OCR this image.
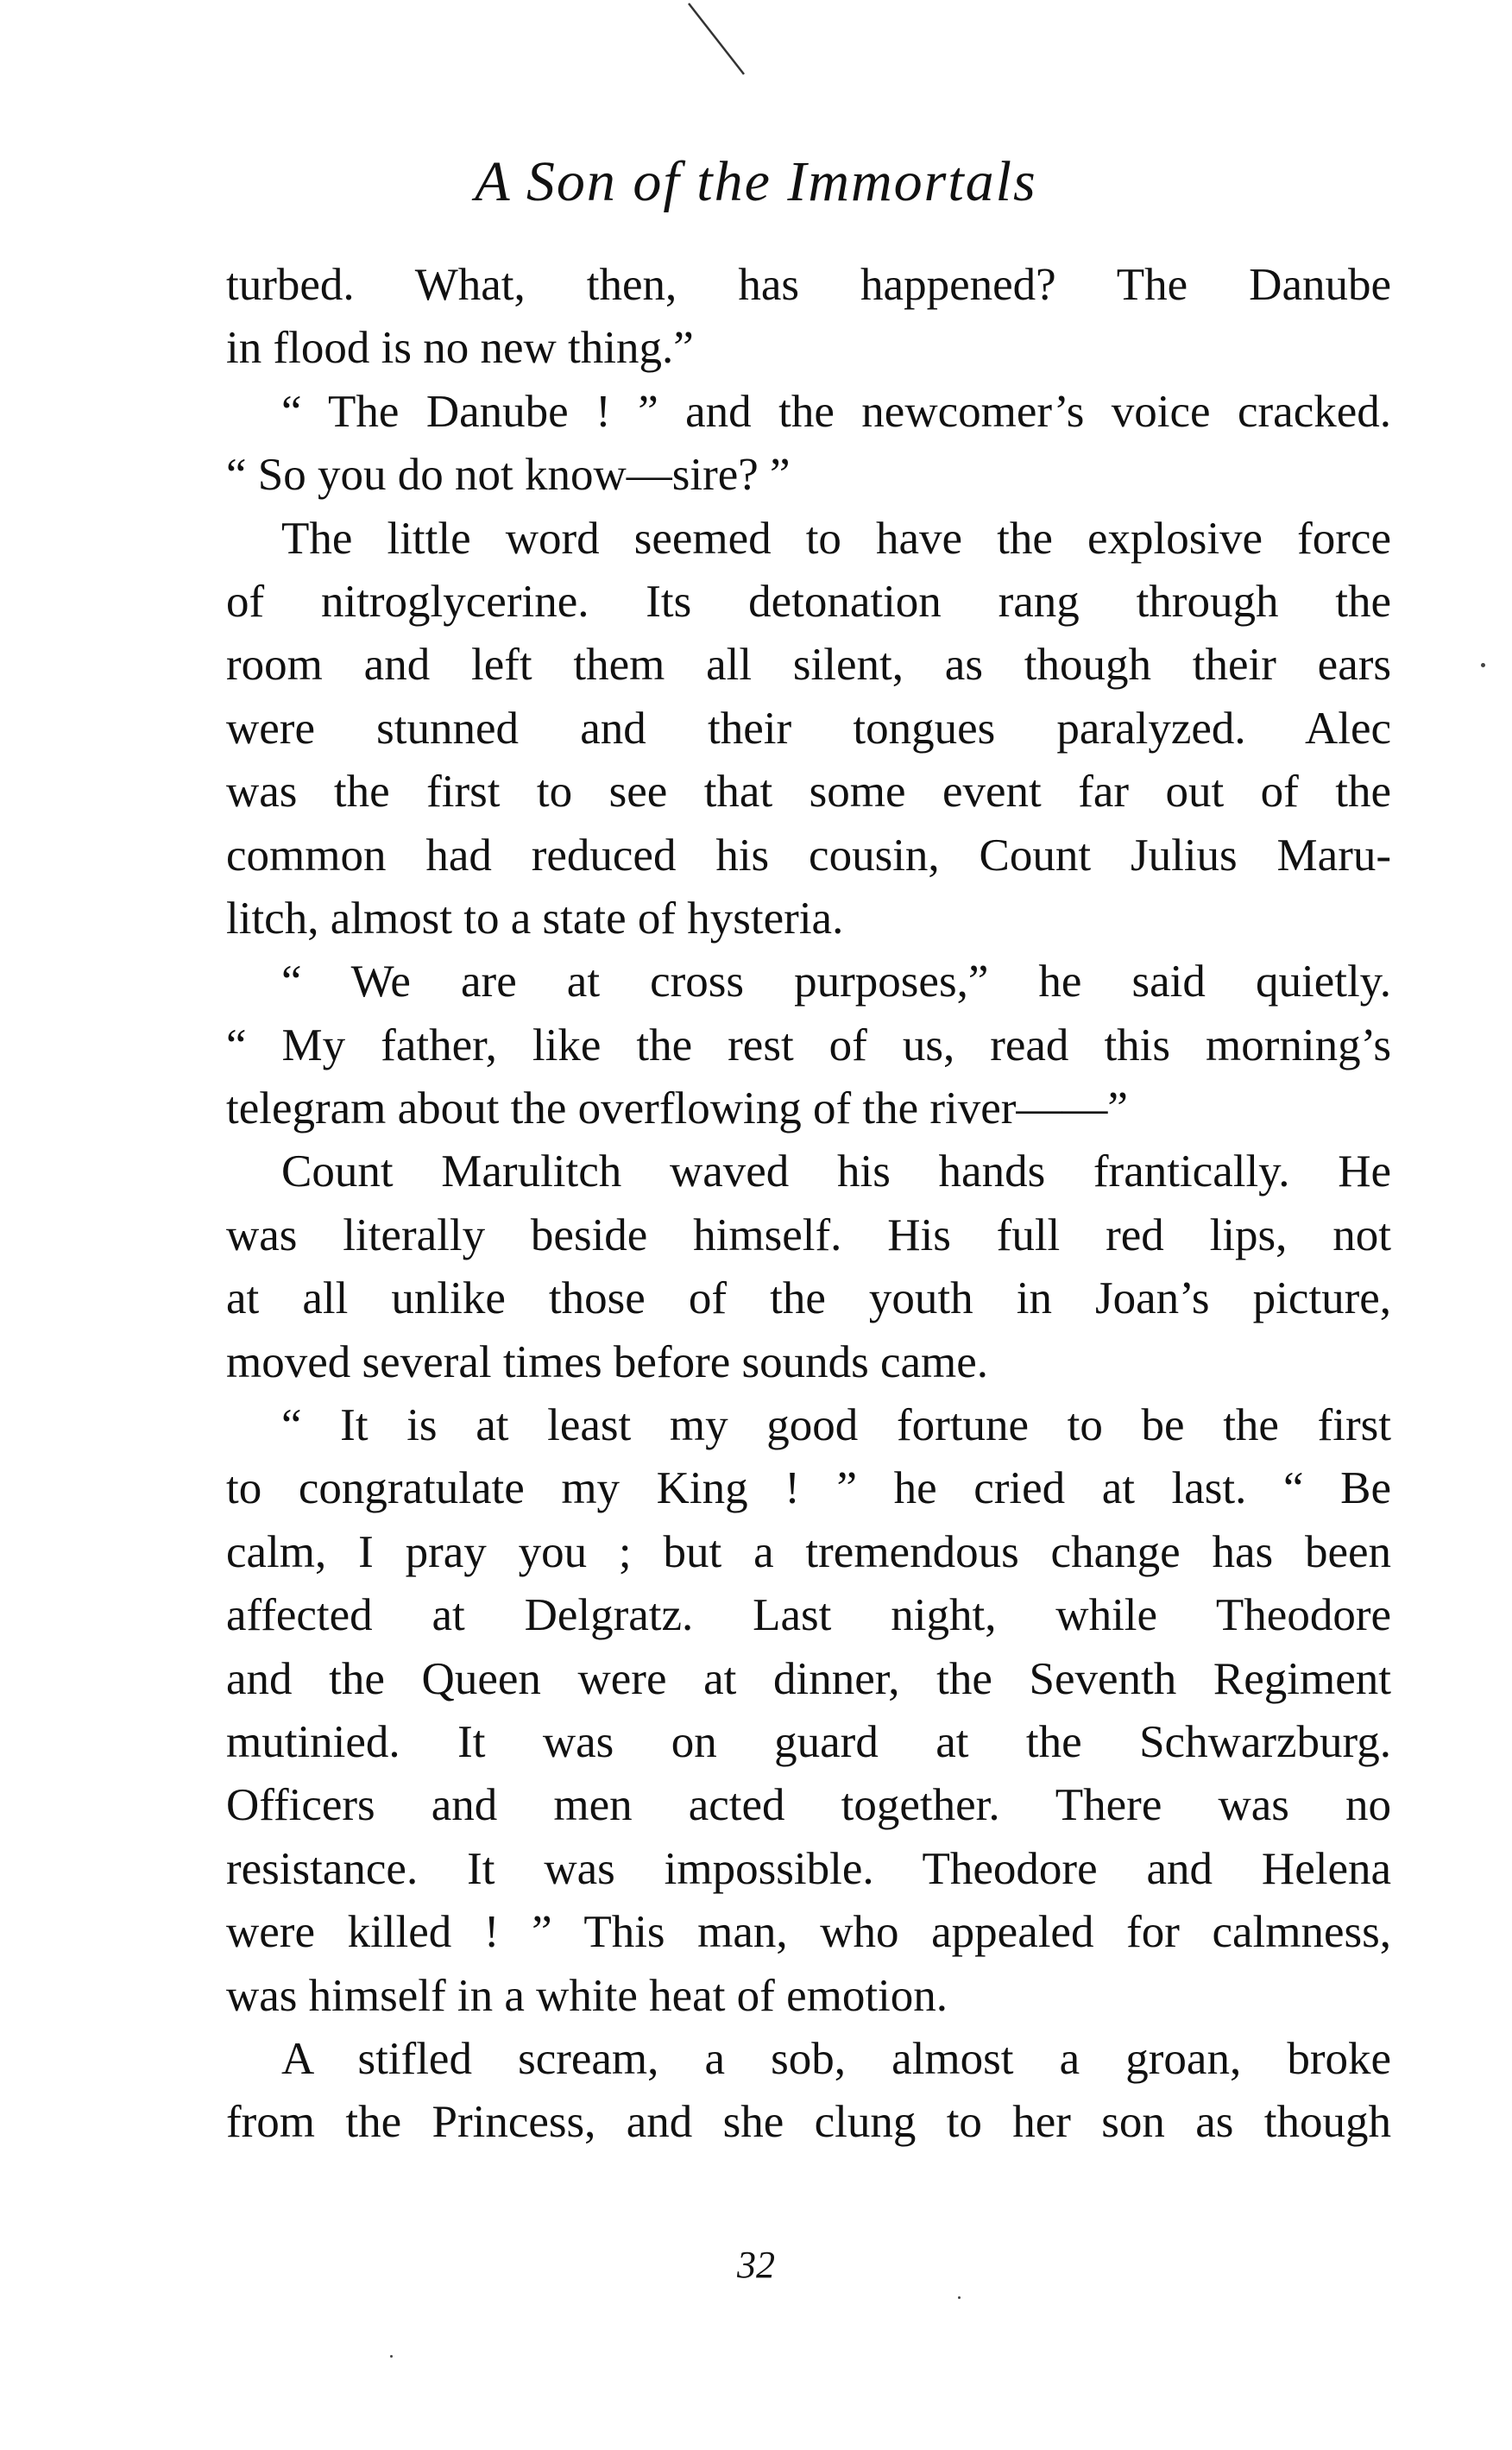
A Son of the Immortals
turbed. What, then, has happened? The Danube
in flood is no new thing.”
“ The Danube ! ” and the newcomer’s voice cracked.
“ So you do not know—sire? ”
The little word seemed to have the explosive force
of nitroglycerine. Its detonation rang through the
room and left them all silent, as though their ears
were stunned and their tongues paralyzed. Alec
was the first to see that some event far out of the
common had reduced his cousin, Count Julius Maru-
litch, almost to a state of hysteria.
“ We are at cross purposes,” he said quietly.
“ My father, like the rest of us, read this morning’s
telegram about the overflowing of the river——”
Count Marulitch waved his hands frantically. He
was literally beside himself. His full red lips, not
at all unlike those of the youth in Joan’s picture,
moved several times before sounds came.
“ It is at least my good fortune to be the first
to congratulate my King ! ” he cried at last. “ Be
calm, I pray you ; but a tremendous change has been
affected at Delgratz. Last night, while Theodore
and the Queen were at dinner, the Seventh Regiment
mutinied. It was on guard at the Schwarzburg.
Officers and men acted together. There was no
resistance. It was impossible. Theodore and Helena
were killed ! ” This man, who appealed for calmness,
was himself in a white heat of emotion.
A stifled scream, a sob, almost a groan, broke
from the Princess, and she clung to her son as though
32
